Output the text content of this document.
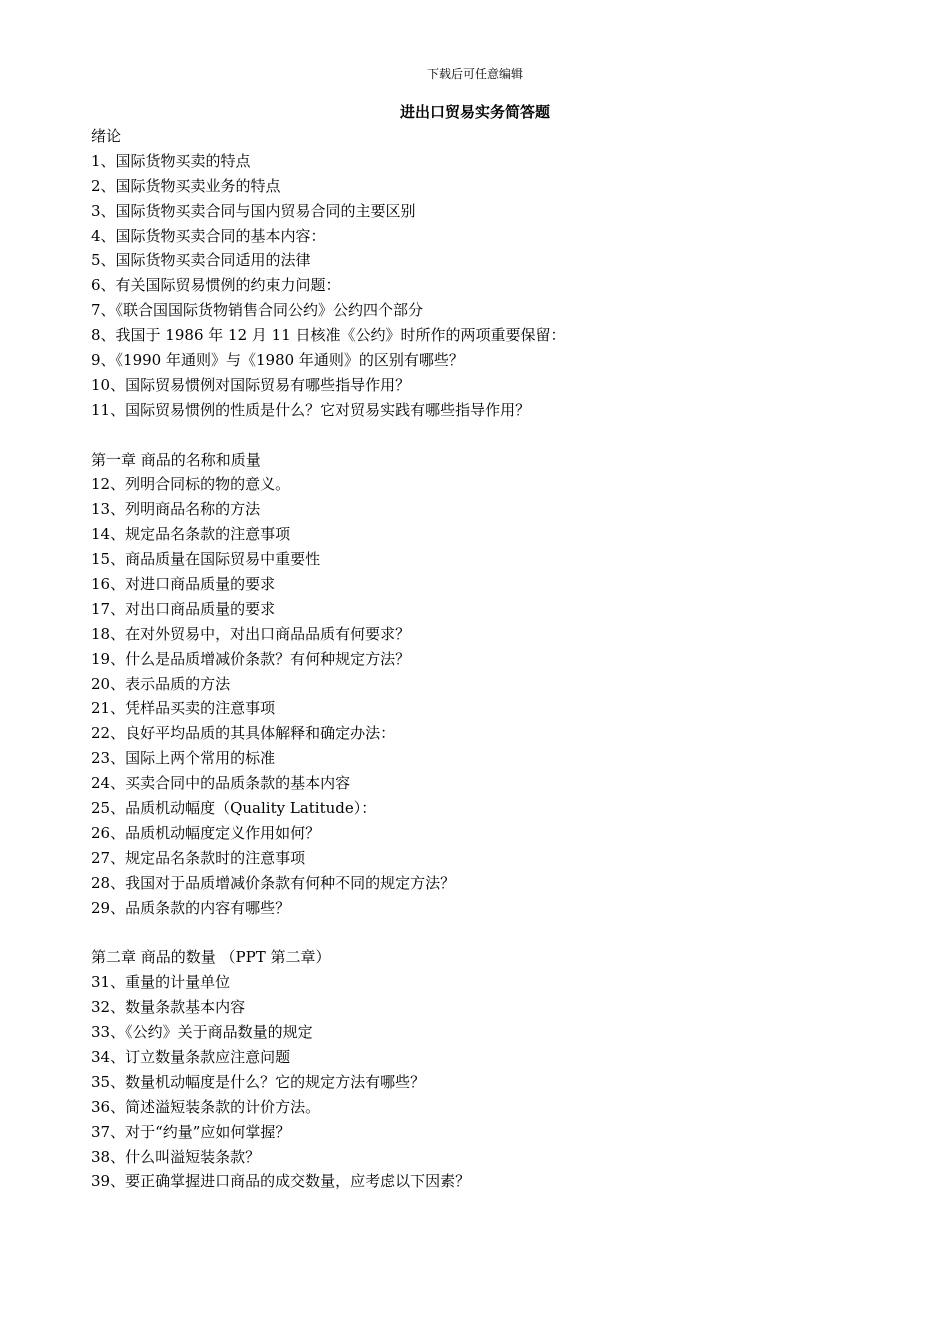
下载后可任意编辑
进出口贸易实务简答题
绪论
1、国际货物买卖的特点
2、国际货物买卖业务的特点
3、国际货物买卖合同与国内贸易合同的主要区别
4、国际货物买卖合同的基本内容：
5、国际货物买卖合同适用的法律
6、有关国际贸易惯例的约束力问题：
7、《联合国国际货物销售合同公约》公约四个部分
8、我国于 1986 年 12 月 11 日核准《公约》时所作的两项重要保留：
9、《1990 年通则》与《1980 年通则》的区别有哪些？
10、国际贸易惯例对国际贸易有哪些指导作用？
11、国际贸易惯例的性质是什么？它对贸易实践有哪些指导作用？
第一章 商品的名称和质量
12、列明合同标的物的意义。
13、列明商品名称的方法
14、规定品名条款的注意事项
15、商品质量在国际贸易中重要性
16、对进口商品质量的要求
17、对出口商品质量的要求
18、在对外贸易中，对出口商品品质有何要求？
19、什么是品质增减价条款？有何种规定方法？
20、表示品质的方法
21、凭样品买卖的注意事项
22、良好平均品质的其具体解释和确定办法：
23、国际上两个常用的标准
24、买卖合同中的品质条款的基本内容
25、品质机动幅度（Quality Latitude）：
26、品质机动幅度定义作用如何？
27、规定品名条款时的注意事项
28、我国对于品质增减价条款有何种不同的规定方法？
29、品质条款的内容有哪些？
第二章 商品的数量 （PPT 第二章）
31、重量的计量单位
32、数量条款基本内容
33、《公约》关于商品数量的规定
34、订立数量条款应注意问题
35、数量机动幅度是什么？它的规定方法有哪些？
36、简述溢短装条款的计价方法。
37、对于“约量”应如何掌握？
38、什么叫溢短装条款？
39、要正确掌握进口商品的成交数量，应考虑以下因素？
